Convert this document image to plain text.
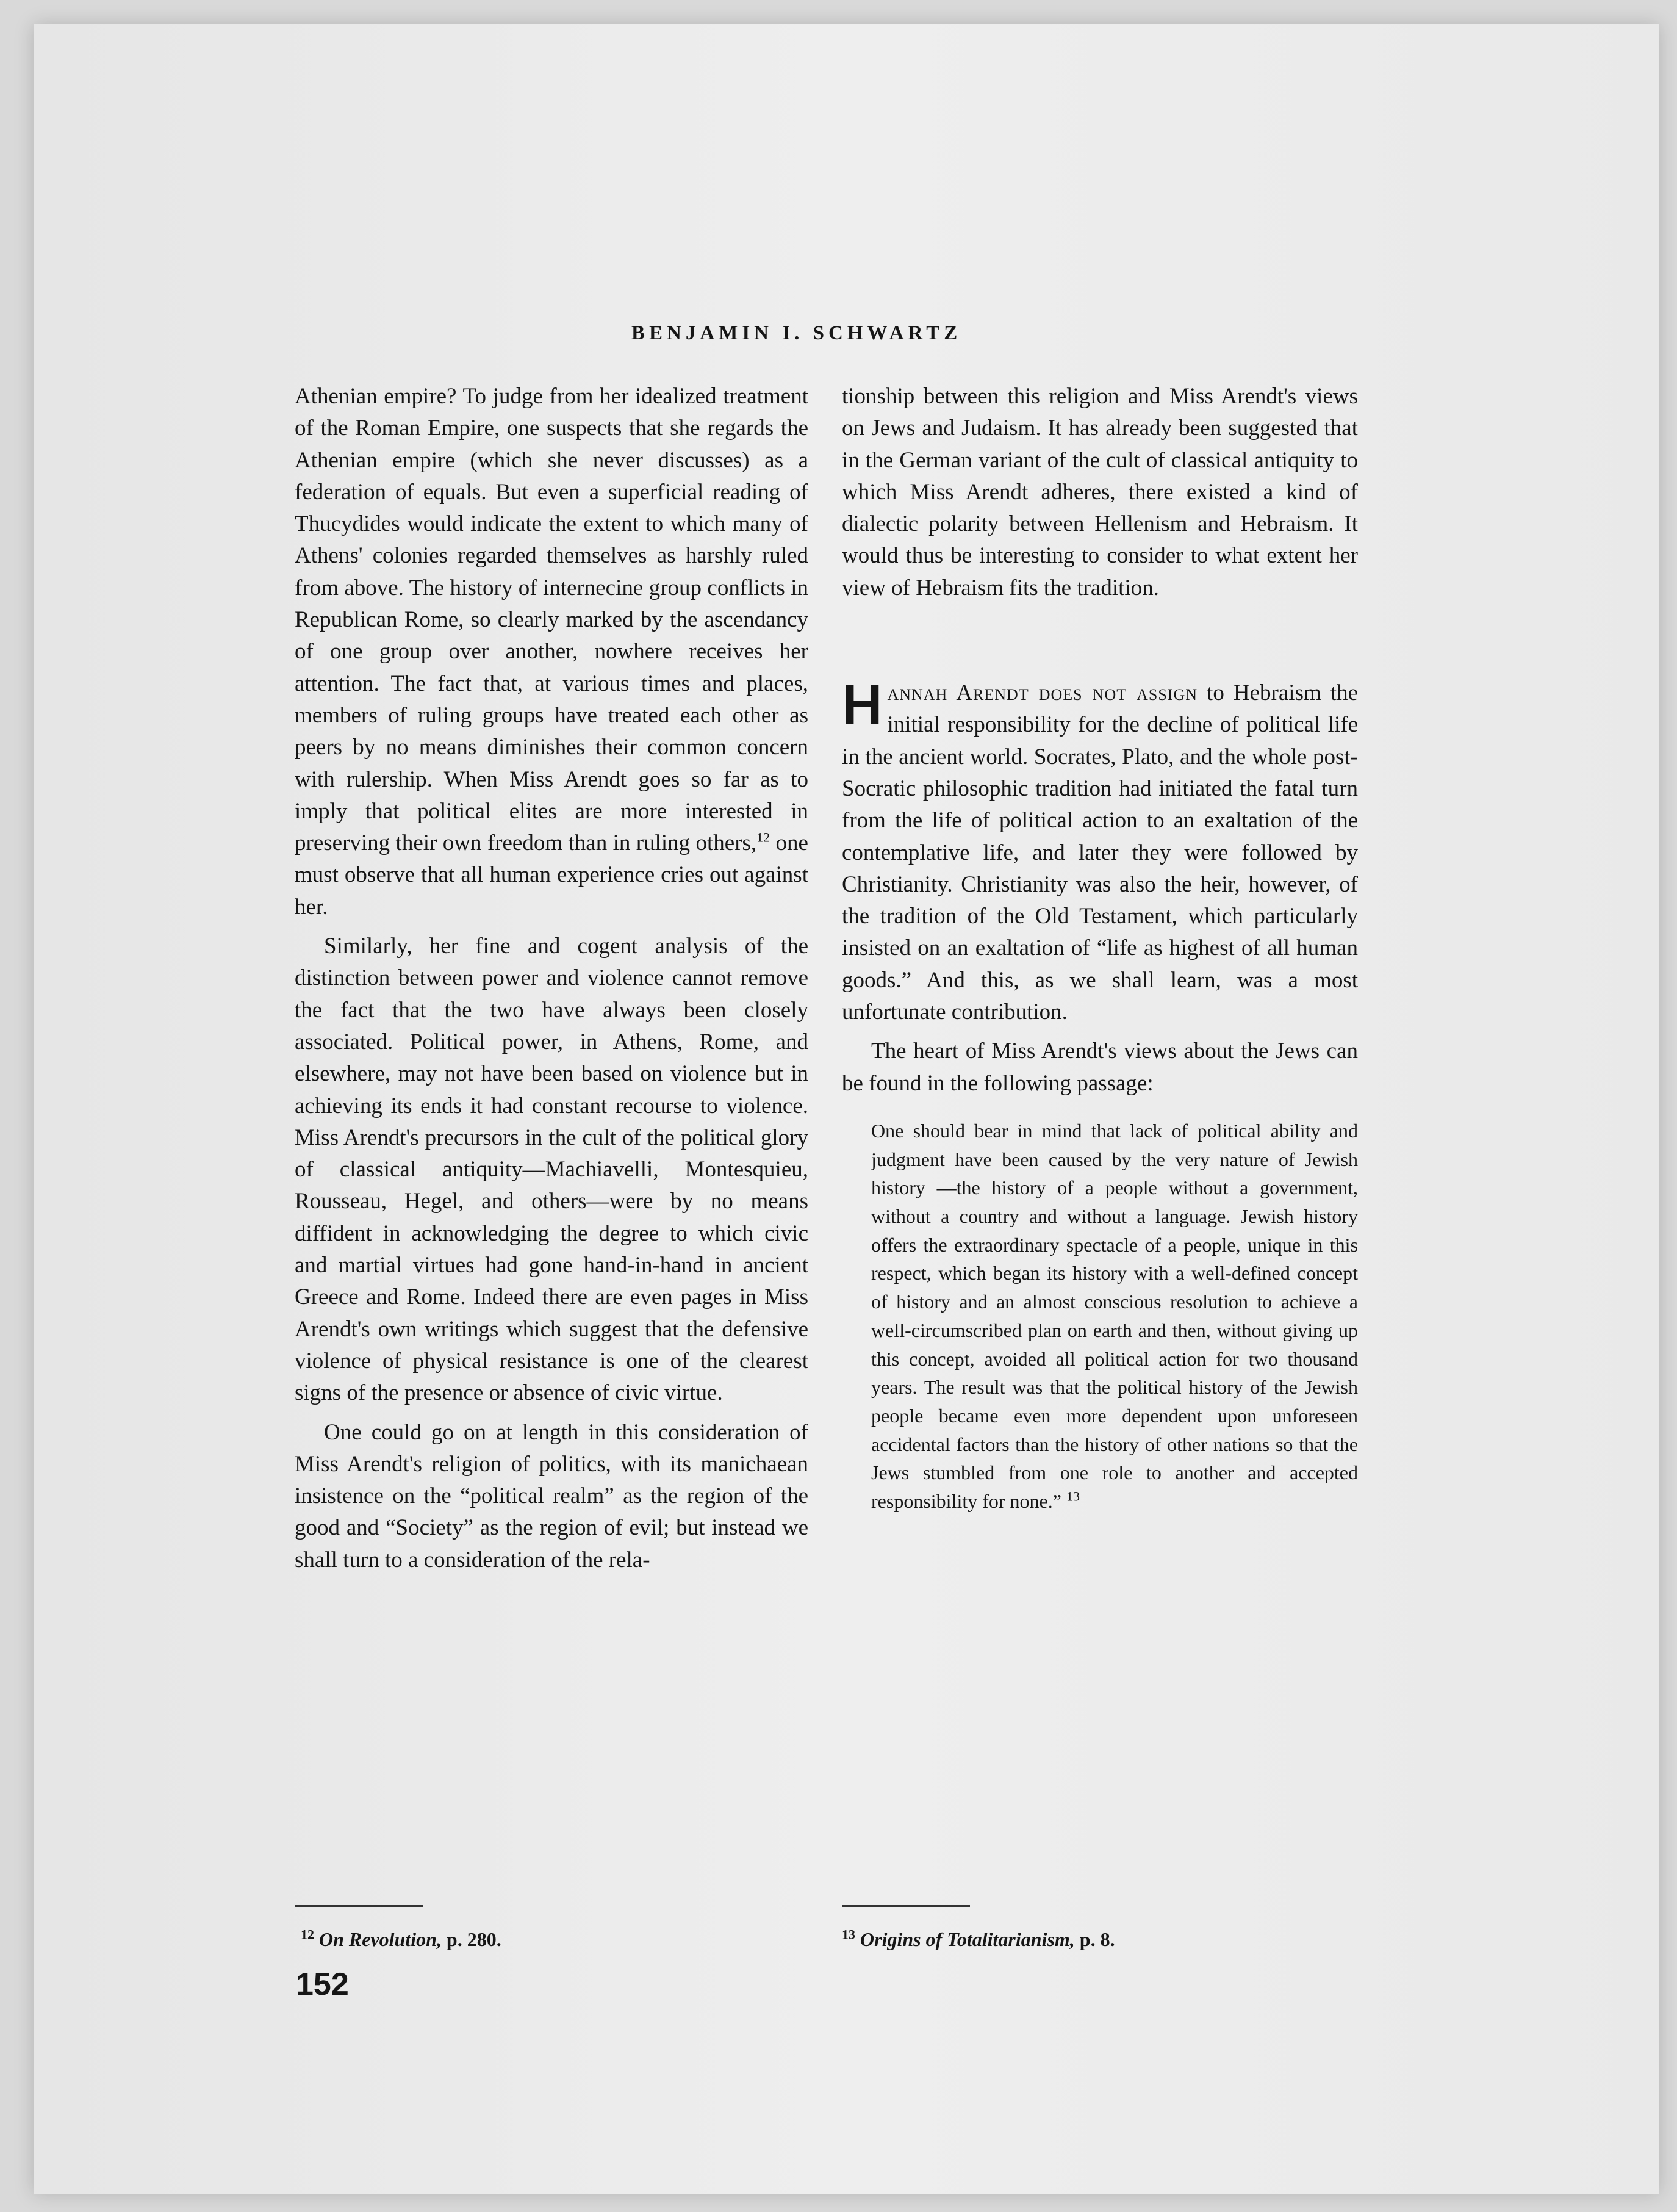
BENJAMIN I. SCHWARTZ

Athenian empire? To judge from her idealized treatment of the Roman Empire, one suspects that she regards the Athenian empire (which she never discusses) as a federation of equals. But even a superficial reading of Thucydides would indicate the extent to which many of Athens' colonies regarded themselves as harshly ruled from above. The history of internecine group conflicts in Republican Rome, so clearly marked by the ascendancy of one group over another, nowhere receives her attention. The fact that, at various times and places, members of ruling groups have treated each other as peers by no means diminishes their common concern with rulership. When Miss Arendt goes so far as to imply that political elites are more interested in preserving their own freedom than in ruling others,$^{12}$ one must observe that all human experience cries out against her.

Similarly, her fine and cogent analysis of the distinction between power and violence cannot remove the fact that the two have always been closely associated. Political power, in Athens, Rome, and elsewhere, may not have been based on violence but in achieving its ends it had constant recourse to violence. Miss Arendt's precursors in the cult of the political glory of classical antiquity—Machiavelli, Montesquieu, Rousseau, Hegel, and others—were by no means diffident in acknowledging the degree to which civic and martial virtues had gone hand-in-hand in ancient Greece and Rome. Indeed there are even pages in Miss Arendt's own writings which suggest that the defensive violence of physical resistance is one of the clearest signs of the presence or absence of civic virtue.

One could go on at length in this consideration of Miss Arendt's religion of politics, with its manichaean insistence on the “political realm” as the region of the good and “Society” as the region of evil; but instead we shall turn to a consideration of the rela-

tionship between this religion and Miss Arendt's views on Jews and Judaism. It has already been suggested that in the German variant of the cult of classical antiquity to which Miss Arendt adheres, there existed a kind of dialectic polarity between Hellenism and Hebraism. It would thus be interesting to consider to what extent her view of Hebraism fits the tradition.

Hannah Arendt does not assign to Hebraism the initial responsibility for the decline of political life in the ancient world. Socrates, Plato, and the whole post-Socratic philosophic tradition had initiated the fatal turn from the life of political action to an exaltation of the contemplative life, and later they were followed by Christianity. Christianity was also the heir, however, of the tradition of the Old Testament, which particularly insisted on an exaltation of “life as highest of all human goods.” And this, as we shall learn, was a most unfortunate contribution.

The heart of Miss Arendt's views about the Jews can be found in the following passage:

One should bear in mind that lack of political ability and judgment have been caused by the very nature of Jewish history —the history of a people without a government, without a country and without a language. Jewish history offers the extraordinary spectacle of a people, unique in this respect, which began its history with a well-defined concept of history and an almost conscious resolution to achieve a well-circumscribed plan on earth and then, without giving up this concept, avoided all political action for two thousand years. The result was that the political history of the Jewish people became even more dependent upon unforeseen accidental factors than the history of other nations so that the Jews stumbled from one role to another and accepted responsibility for none.” $^{13}$
$^{12}$ On Revolution, p. 280.	$^{13}$ Origins of Totalitarianism, p. 8.
152
